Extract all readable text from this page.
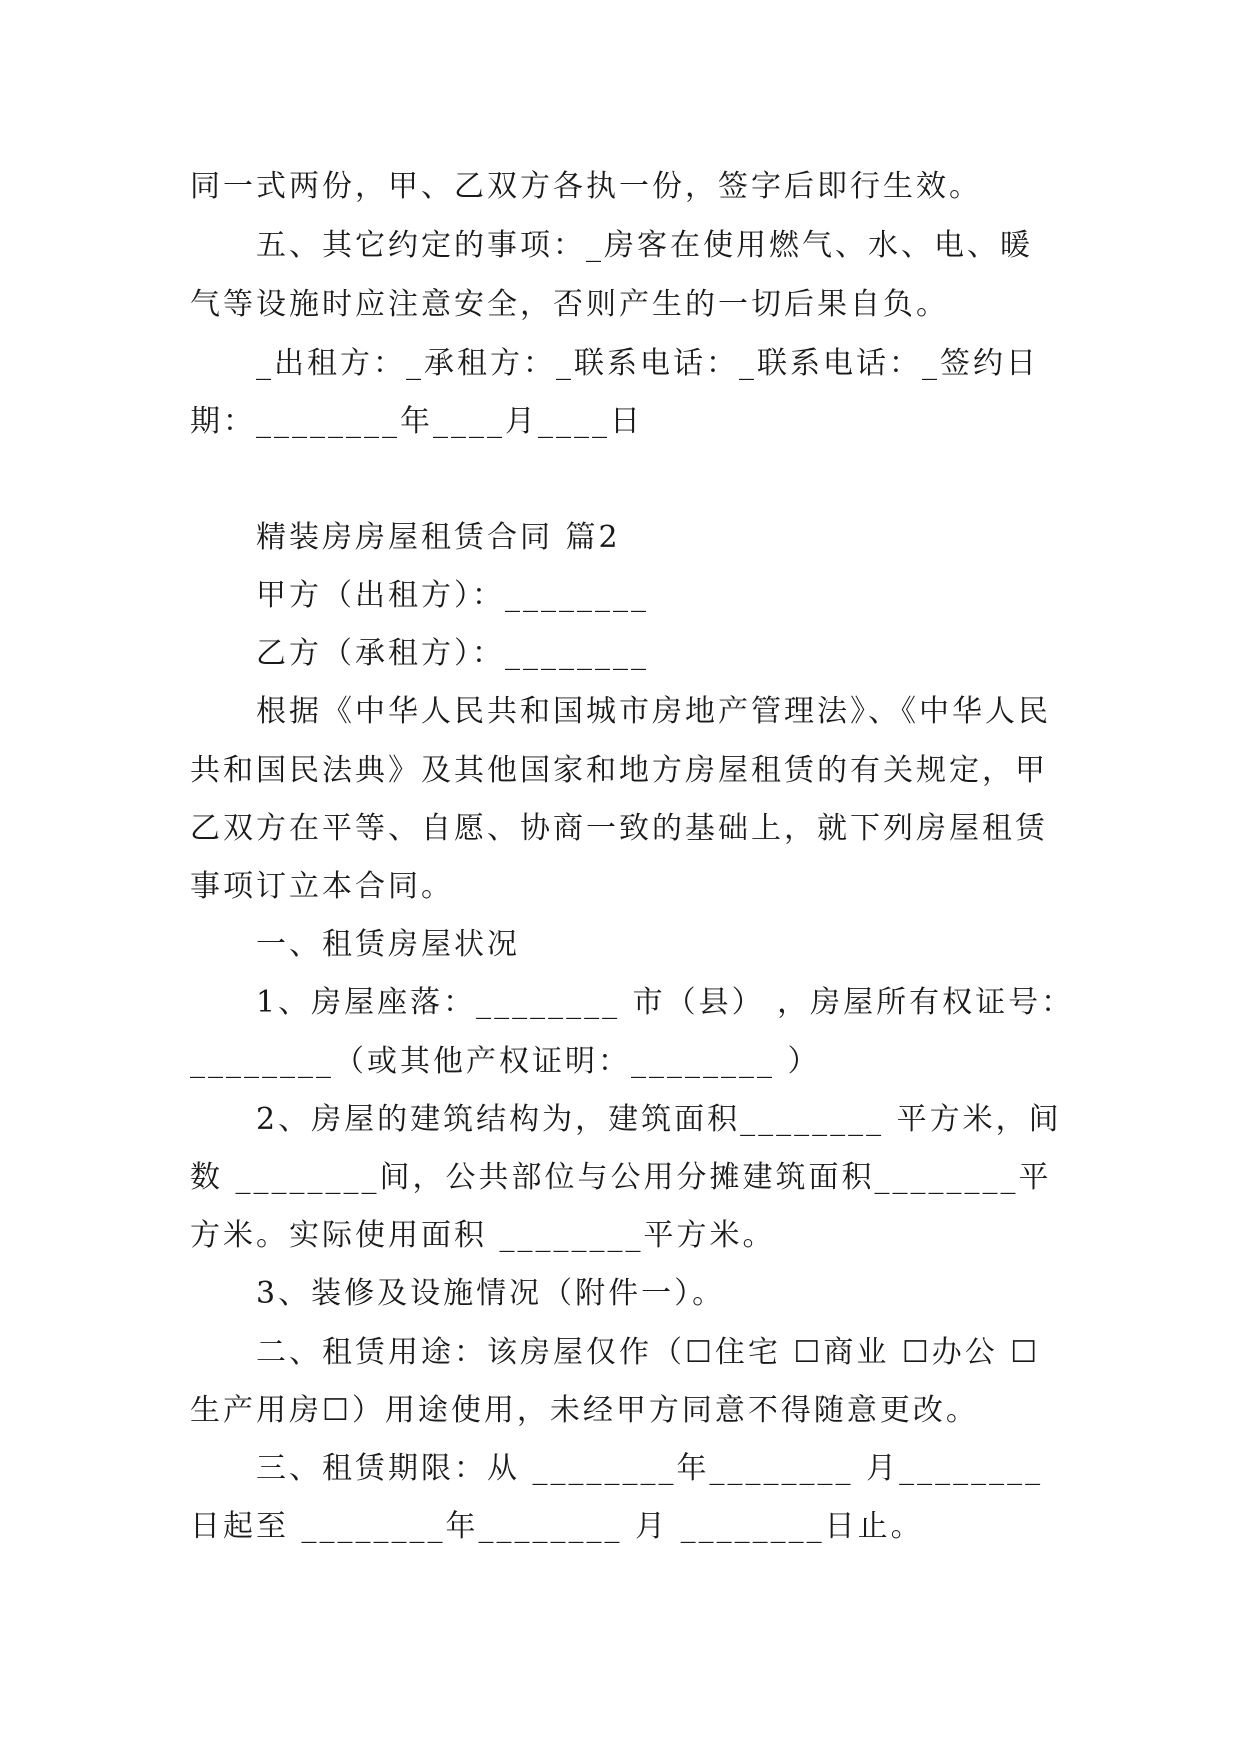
同一式两份，甲、乙双方各执一份，签字后即行生效。
五、其它约定的事项：_房客在使用燃气、水、电、暖
气等设施时应注意安全，否则产生的一切后果自负。
_出租方：_承租方：_联系电话：_联系电话：_签约日
期：________年____月____日
精装房房屋租赁合同 篇2
甲方（出租方）：________
乙方（承租方）：________
根据《中华人民共和国城市房地产管理法》、《中华人民
共和国民法典》及其他国家和地方房屋租赁的有关规定，甲
乙双方在平等、自愿、协商一致的基础上，就下列房屋租赁
事项订立本合同。
一、租赁房屋状况
1、房屋座落：________ 市（县） ，房屋所有权证号：
________（或其他产权证明：________ ）
2、房屋的建筑结构为，建筑面积________ 平方米，间
数 ________间，公共部位与公用分摊建筑面积________平
方米。实际使用面积 ________平方米。
3、装修及设施情况（附件一）。
二、租赁用途：该房屋仅作（☐住宅 ☐商业 ☐办公 ☐
生产用房☐）用途使用，未经甲方同意不得随意更改。
三、租赁期限：从 ________年________ 月________
日起至 ________年________ 月 ________日止。
